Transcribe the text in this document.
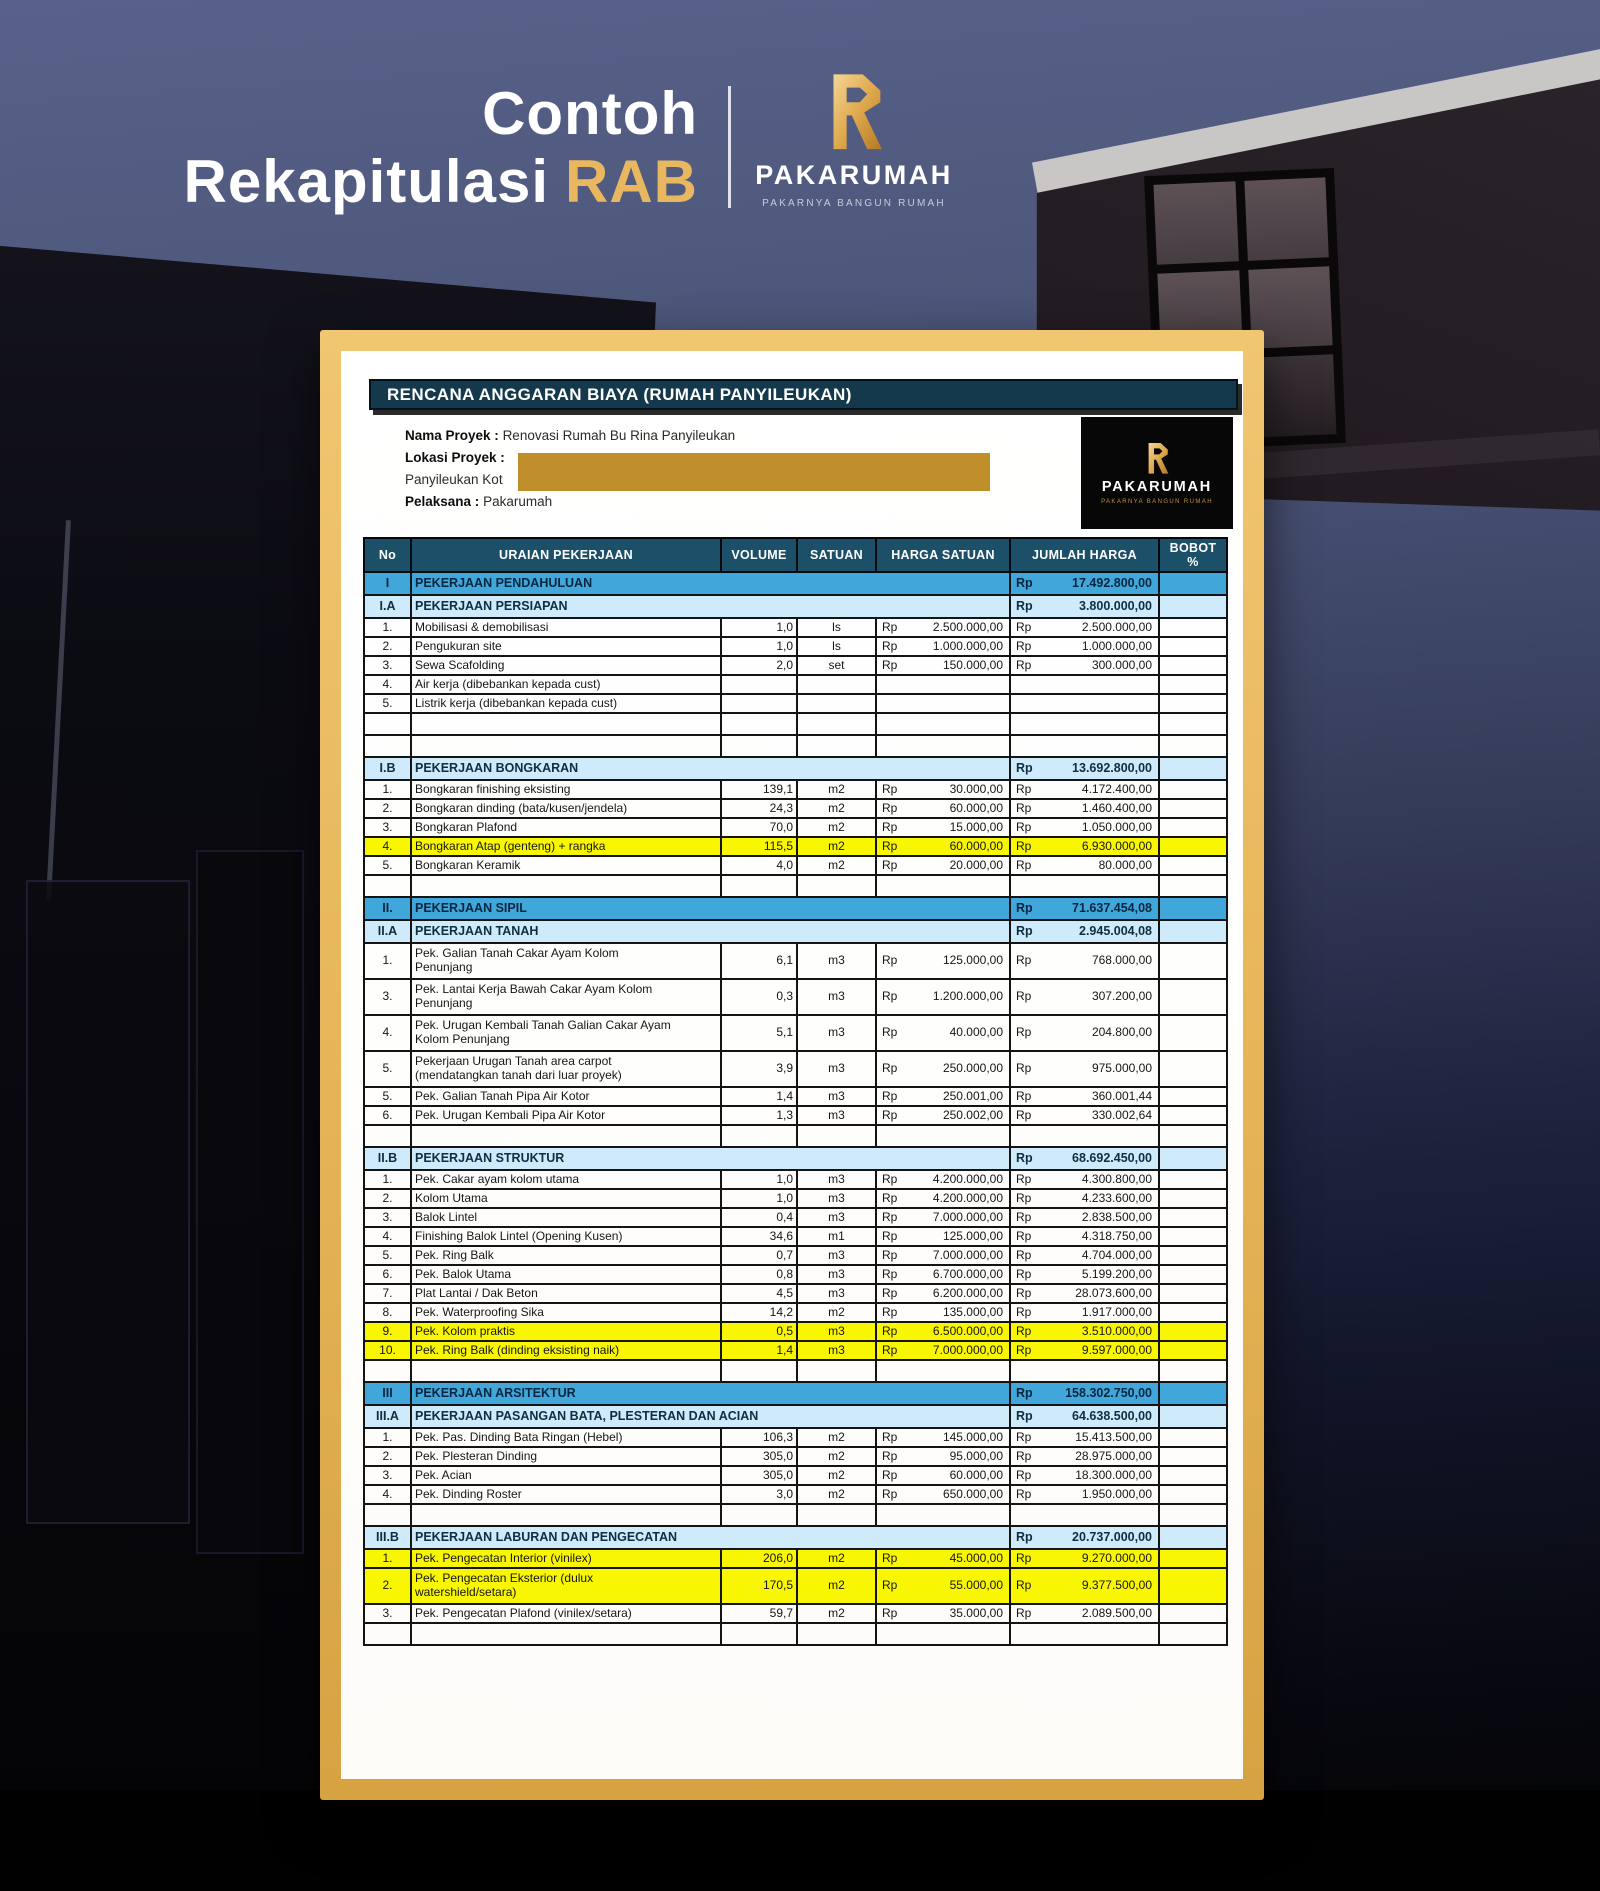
Contoh
Rekapitulasi RAB	PAKARUMAH
PAKARNYA BANGUN RUMAH
RENCANA ANGGARAN BIAYA (RUMAH PANYILEUKAN)
Nama Proyek : Renovasi Rumah Bu Rina Panyileukan
Lokasi Proyek :
Panyileukan Kot
Pelaksana : Pakarumah
PAKARUMAH
PAKARNYA BANGUN RUMAH
No	URAIAN PEKERJAAN	VOLUME	SATUAN	HARGA SATUAN	JUMLAH HARGA	BOBOT %
I	PEKERJAAN PENDAHULUAN				Rp 17.492.800,00	

I.A	PEKERJAAN PERSIAPAN				Rp 3.800.000,00	

1.	Mobilisasi & demobilisasi	1,0	ls	Rp 2.500.000,00	Rp 2.500.000,00	

2.	Pengukuran site	1,0	ls	Rp 1.000.000,00	Rp 1.000.000,00	

3.	Sewa Scafolding	2,0	set	Rp 150.000,00	Rp 300.000,00	

4.	Air kerja (dibebankan kepada cust)					
5.	Listrik kerja (dibebankan kepada cust)					

I.B	PEKERJAAN BONGKARAN				Rp 13.692.800,00	

1.	Bongkaran finishing eksisting	139,1	m2	Rp 30.000,00	Rp 4.172.400,00	

2.	Bongkaran dinding (bata/kusen/jendela)	24,3	m2	Rp 60.000,00	Rp 1.460.400,00	

3.	Bongkaran Plafond	70,0	m2	Rp 15.000,00	Rp 1.050.000,00	

4.	Bongkaran Atap (genteng) + rangka	115,5	m2	Rp 60.000,00	Rp 6.930.000,00	

5.	Bongkaran Keramik	4,0	m2	Rp 20.000,00	Rp 80.000,00	

II.	PEKERJAAN SIPIL				Rp 71.637.454,08	

II.A	PEKERJAAN TANAH				Rp 2.945.004,08	

1.	Pek. Galian Tanah Cakar Ayam Kolom
Penunjang	6,1	m3	Rp 125.000,00	Rp 768.000,00	

3.	Pek. Lantai Kerja Bawah Cakar Ayam Kolom
Penunjang	0,3	m3	Rp 1.200.000,00	Rp 307.200,00	

4.	Pek. Urugan Kembali Tanah Galian Cakar Ayam
Kolom Penunjang	5,1	m3	Rp 40.000,00	Rp 204.800,00	

5.	Pekerjaan Urugan Tanah area carpot
(mendatangkan tanah dari luar proyek)	3,9	m3	Rp 250.000,00	Rp 975.000,00	

5.	Pek. Galian Tanah Pipa Air Kotor	1,4	m3	Rp 250.001,00	Rp 360.001,44	

6.	Pek. Urugan Kembali Pipa Air Kotor	1,3	m3	Rp 250.002,00	Rp 330.002,64	

II.B	PEKERJAAN STRUKTUR				Rp 68.692.450,00	

1.	Pek. Cakar ayam kolom utama	1,0	m3	Rp 4.200.000,00	Rp 4.300.800,00	

2.	Kolom Utama	1,0	m3	Rp 4.200.000,00	Rp 4.233.600,00	

3.	Balok Lintel	0,4	m3	Rp 7.000.000,00	Rp 2.838.500,00	

4.	Finishing Balok Lintel (Opening Kusen)	34,6	m1	Rp 125.000,00	Rp 4.318.750,00	

5.	Pek. Ring Balk	0,7	m3	Rp 7.000.000,00	Rp 4.704.000,00	

6.	Pek. Balok Utama	0,8	m3	Rp 6.700.000,00	Rp 5.199.200,00	

7.	Plat Lantai / Dak Beton	4,5	m3	Rp 6.200.000,00	Rp 28.073.600,00	

8.	Pek. Waterproofing Sika	14,2	m2	Rp 135.000,00	Rp 1.917.000,00	

9.	Pek. Kolom praktis	0,5	m3	Rp 6.500.000,00	Rp 3.510.000,00	

10.	Pek. Ring Balk (dinding eksisting naik)	1,4	m3	Rp 7.000.000,00	Rp 9.597.000,00	

III	PEKERJAAN ARSITEKTUR				Rp 158.302.750,00	

III.A	PEKERJAAN PASANGAN BATA, PLESTERAN DAN ACIAN				Rp 64.638.500,00	

1.	Pek. Pas. Dinding Bata Ringan (Hebel)	106,3	m2	Rp 145.000,00	Rp 15.413.500,00	

2.	Pek. Plesteran Dinding	305,0	m2	Rp 95.000,00	Rp 28.975.000,00	

3.	Pek. Acian	305,0	m2	Rp 60.000,00	Rp 18.300.000,00	

4.	Pek. Dinding Roster	3,0	m2	Rp 650.000,00	Rp 1.950.000,00	

III.B	PEKERJAAN LABURAN DAN PENGECATAN				Rp 20.737.000,00	

1.	Pek. Pengecatan Interior (vinilex)	206,0	m2	Rp 45.000,00	Rp 9.270.000,00	

2.	Pek. Pengecatan Eksterior (dulux
watershield/setara)	170,5	m2	Rp 55.000,00	Rp 9.377.500,00	

3.	Pek. Pengecatan Plafond (vinilex/setara)	59,7	m2	Rp 35.000,00	Rp 2.089.500,00	
